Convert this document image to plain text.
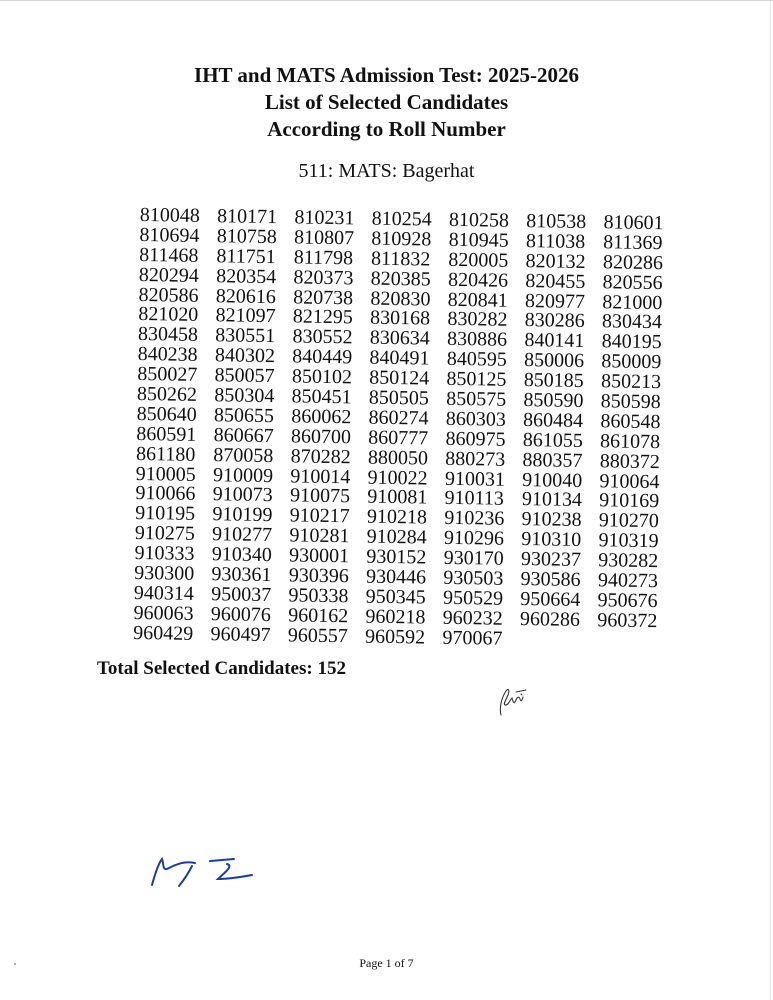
IHT and MATS Admission Test: 2025-2026
List of Selected Candidates
According to Roll Number
511: MATS: Bagerhat
810048 810171 810231 810254 810258 810538 810601
810694 810758 810807 810928 810945 811038 811369
811468 811751 811798 811832 820005 820132 820286
820294 820354 820373 820385 820426 820455 820556
820586 820616 820738 820830 820841 820977 821000
821020 821097 821295 830168 830282 830286 830434
830458 830551 830552 830634 830886 840141 840195
840238 840302 840449 840491 840595 850006 850009
850027 850057 850102 850124 850125 850185 850213
850262 850304 850451 850505 850575 850590 850598
850640 850655 860062 860274 860303 860484 860548
860591 860667 860700 860777 860975 861055 861078
861180 870058 870282 880050 880273 880357 880372
910005 910009 910014 910022 910031 910040 910064
910066 910073 910075 910081 910113 910134 910169
910195 910199 910217 910218 910236 910238 910270
910275 910277 910281 910284 910296 910310 910319
910333 910340 930001 930152 930170 930237 930282
930300 930361 930396 930446 930503 930586 940273
940314 950037 950338 950345 950529 950664 950676
960063 960076 960162 960218 960232 960286 960372
960429 960497 960557 960592 970067
Total Selected Candidates: 152
Page 1 of 7
